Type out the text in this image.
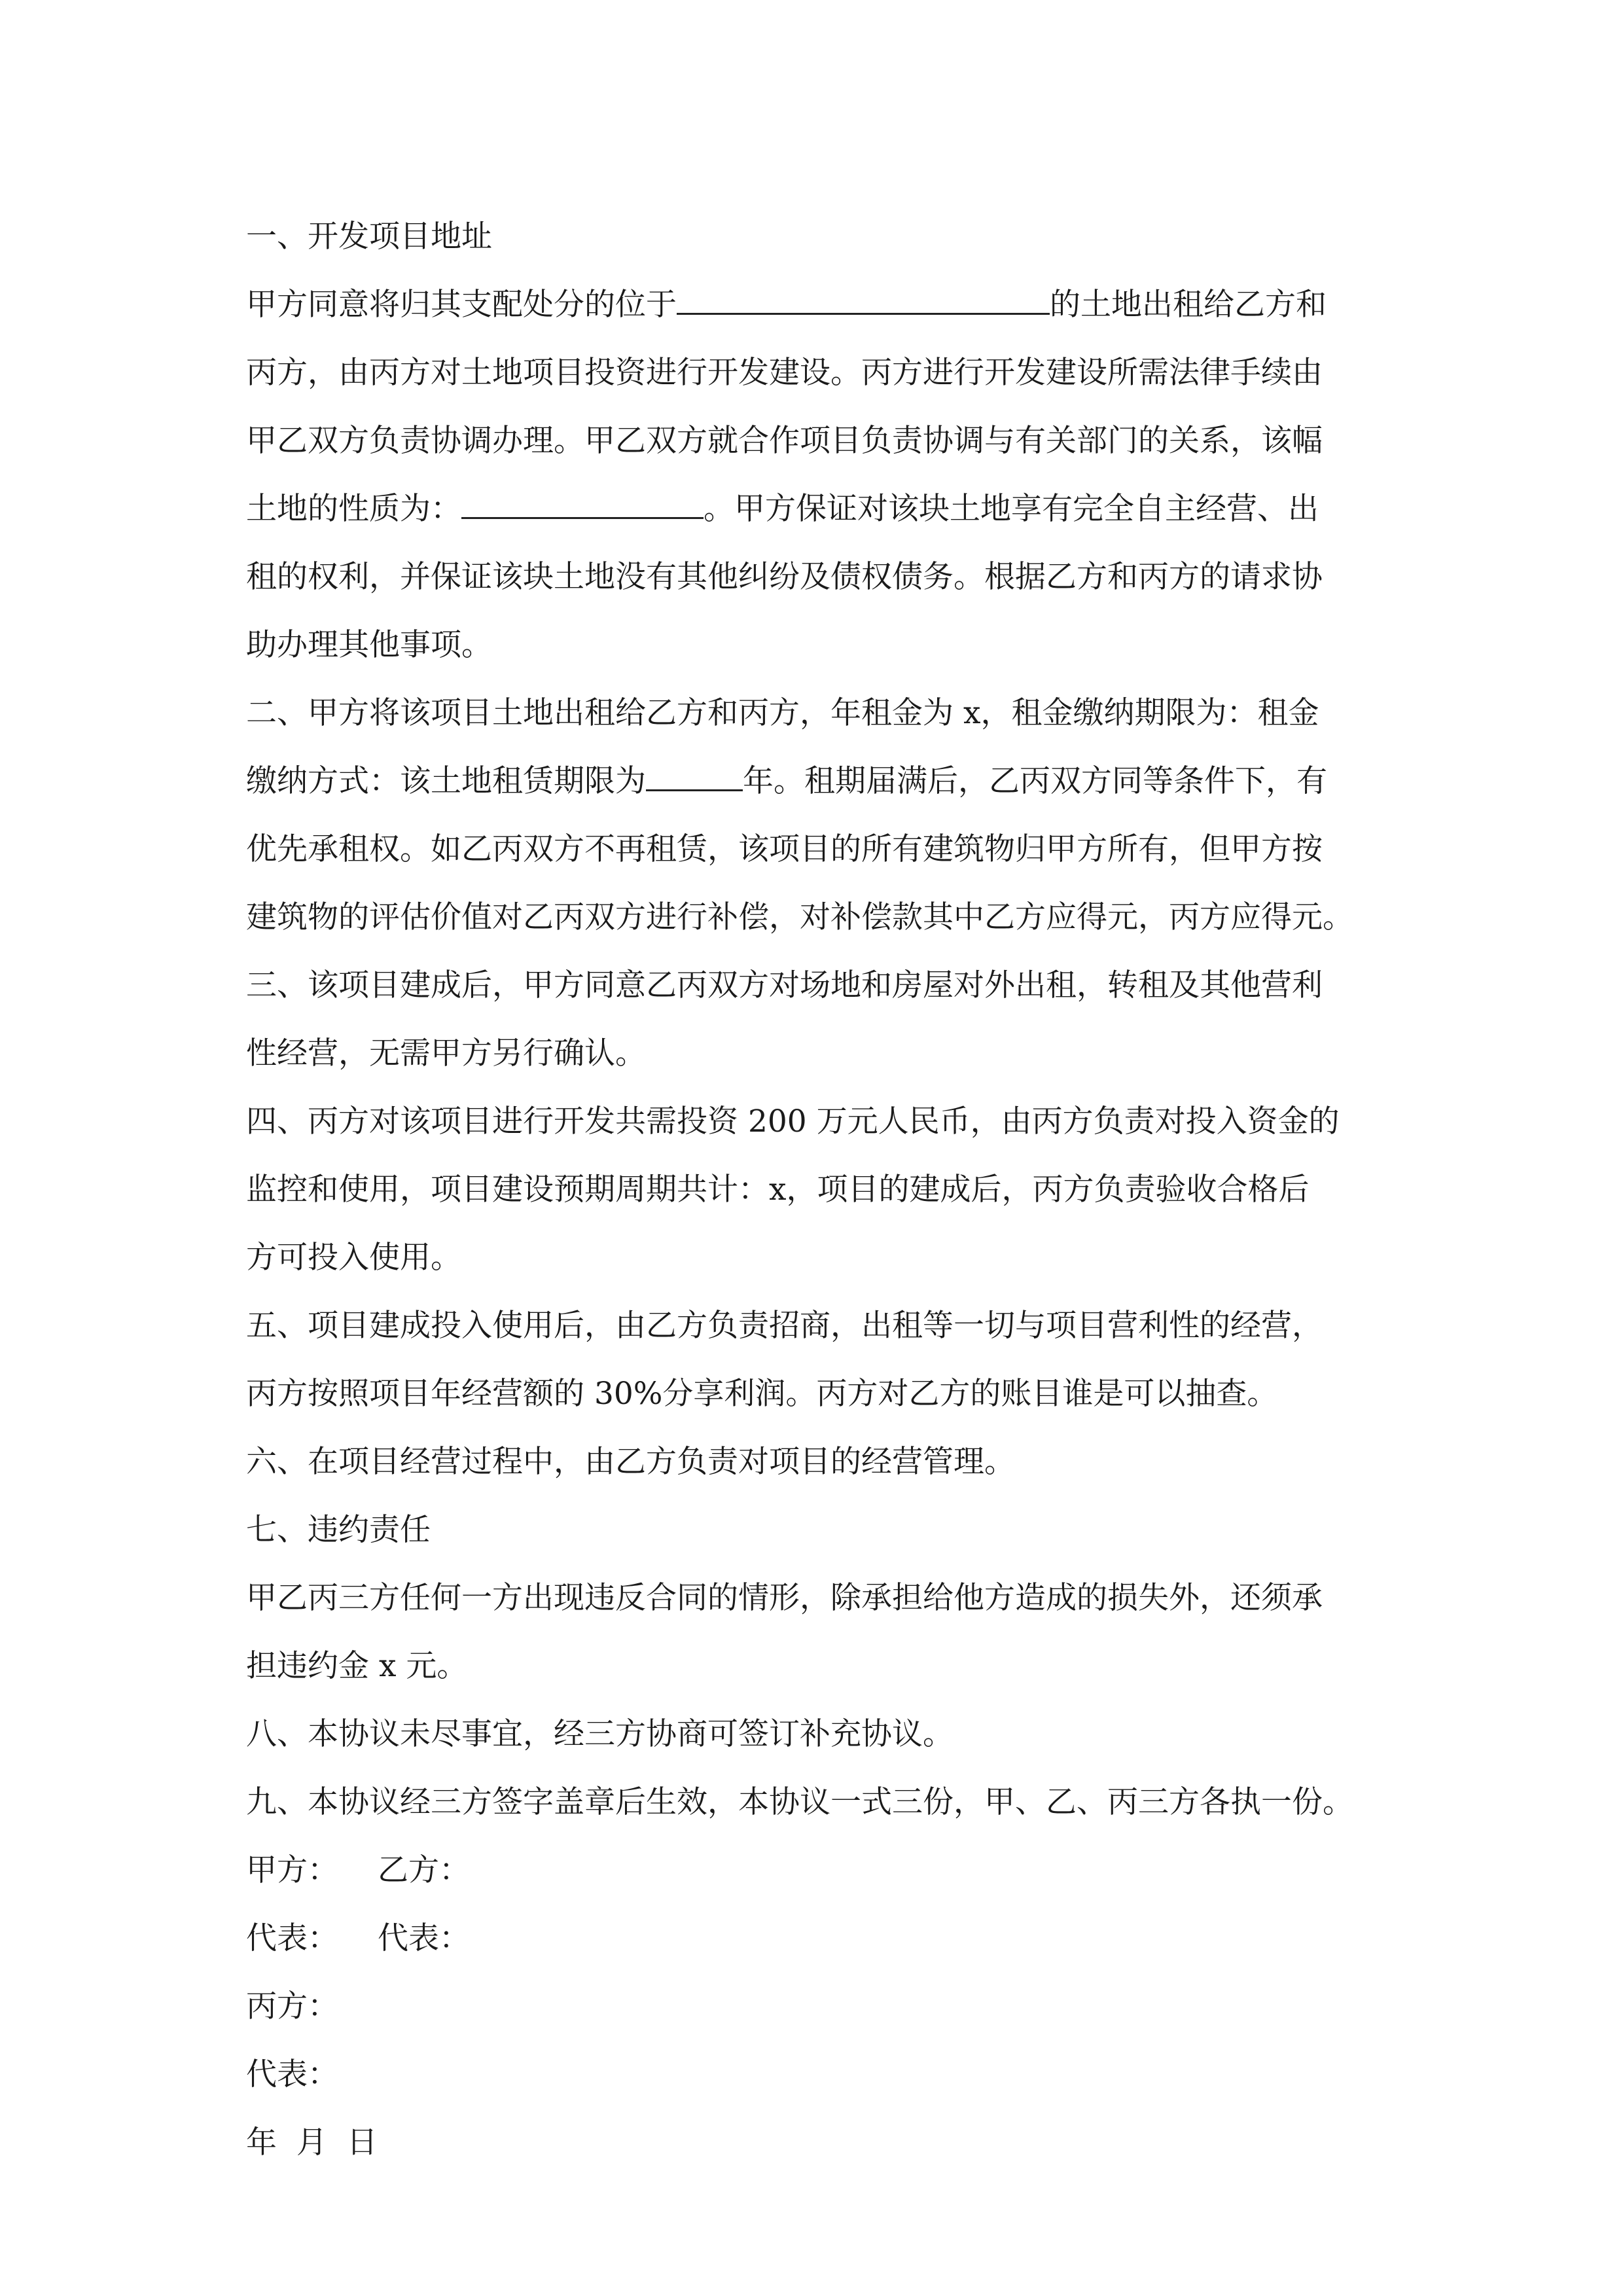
一、开发项目地址
甲方同意将归其支配处分的位于	的土地出租给乙方和
丙方，由丙方对土地项目投资进行开发建设。丙方进行开发建设所需法律手续由
甲乙双方负责协调办理。甲乙双方就合作项目负责协调与有关部门的关系，该幅
土地的性质为：	。甲方保证对该块土地享有完全自主经营、出
租的权利，并保证该块土地没有其他纠纷及债权债务。根据乙方和丙方的请求协
助办理其他事项。
二、甲方将该项目土地出租给乙方和丙方，年租金为 x，租金缴纳期限为：租金
缴纳方式：该土地租赁期限为	年。租期届满后，乙丙双方同等条件下，有
优先承租权。如乙丙双方不再租赁，该项目的所有建筑物归甲方所有，但甲方按
建筑物的评估价值对乙丙双方进行补偿，对补偿款其中乙方应得元，丙方应得元。
三、该项目建成后，甲方同意乙丙双方对场地和房屋对外出租，转租及其他营利
性经营，无需甲方另行确认。
四、丙方对该项目进行开发共需投资 200 万元人民币，由丙方负责对投入资金的
监控和使用，项目建设预期周期共计：x，项目的建成后，丙方负责验收合格后
方可投入使用。
五、项目建成投入使用后，由乙方负责招商，出租等一切与项目营利性的经营，
丙方按照项目年经营额的 30%分享利润。丙方对乙方的账目谁是可以抽查。
六、在项目经营过程中，由乙方负责对项目的经营管理。
七、违约责任
甲乙丙三方任何一方出现违反合同的情形，除承担给他方造成的损失外，还须承
担违约金 x 元。
八、本协议未尽事宜，经三方协商可签订补充协议。
九、本协议经三方签字盖章后生效，本协议一式三份，甲、乙、丙三方各执一份。
甲方： 乙方：
代表： 代表：
丙方：
代表：
年  月  日
